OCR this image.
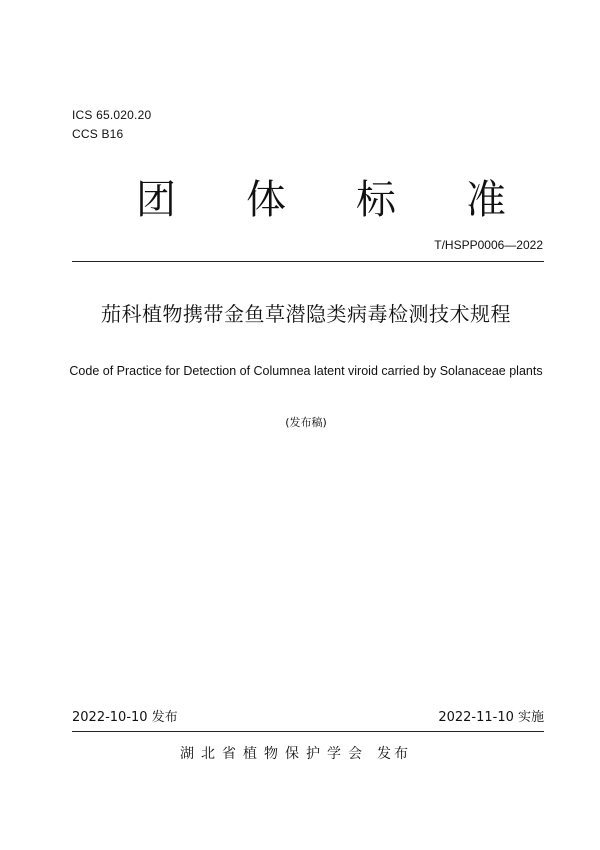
ICS 65.020.20
CCS B16
团 体 标 准
T/HSPP0006—2022
茄科植物携带金鱼草潜隐类病毒检测技术规程
Code of Practice for Detection of Columnea latent viroid carried by Solanaceae plants
(发布稿)
2022-10-10 发布	2022-11-10 实施
湖北省植物保护学会 发布
